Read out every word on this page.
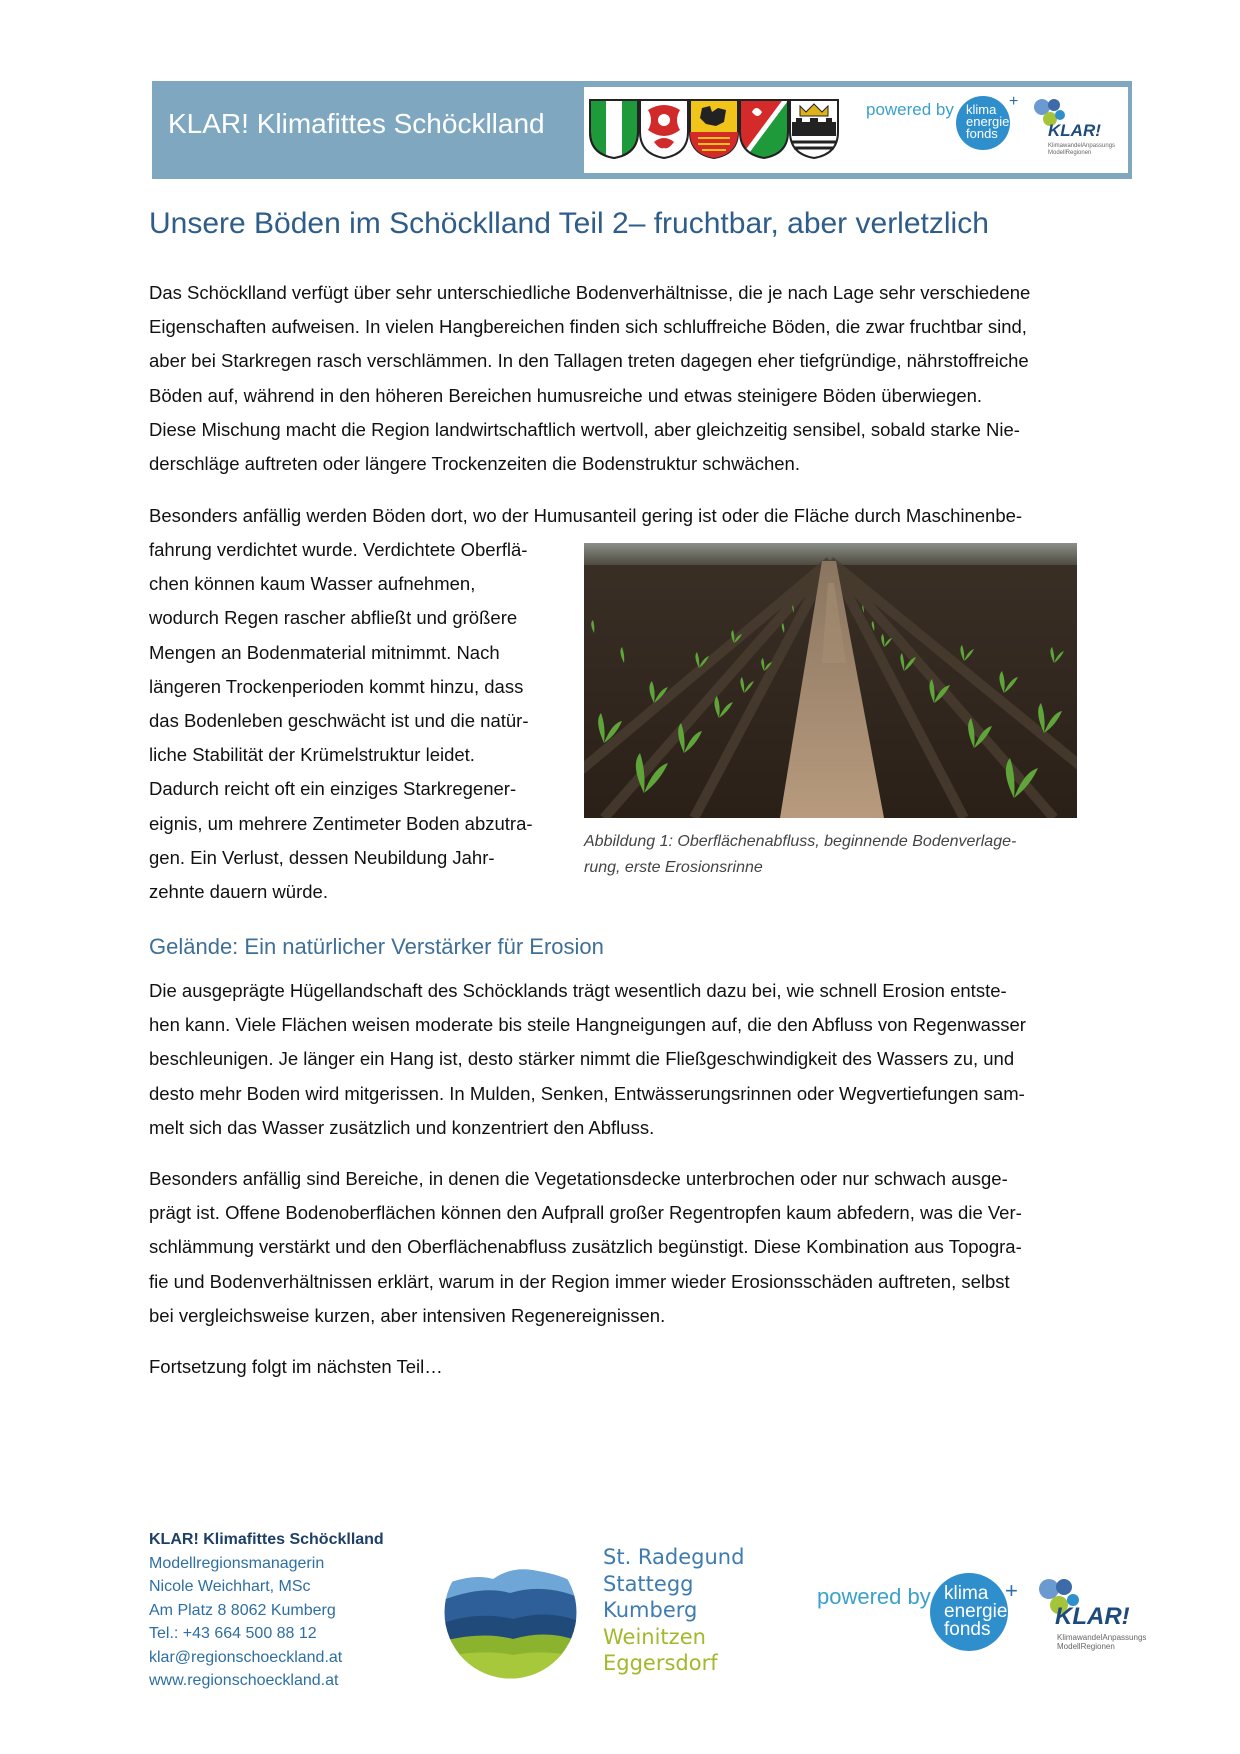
KLAR! Klimafittes Schöcklland	powered by klima
energie
fonds
+
KLAR!
KlimawandelAnpassungs ModellRegionen
Unsere Böden im Schöcklland Teil 2– fruchtbar, aber verletzlich
Das Schöcklland verfügt über sehr unterschiedliche Bodenverhältnisse, die je nach Lage sehr verschiedene
Eigenschaften aufweisen. In vielen Hangbereichen finden sich schluffreiche Böden, die zwar fruchtbar sind,
aber bei Starkregen rasch verschlämmen. In den Tallagen treten dagegen eher tiefgründige, nährstoffreiche
Böden auf, während in den höheren Bereichen humusreiche und etwas steinigere Böden überwiegen.
Diese Mischung macht die Region landwirtschaftlich wertvoll, aber gleichzeitig sensibel, sobald starke Nie-
derschläge auftreten oder längere Trockenzeiten die Bodenstruktur schwächen.
Besonders anfällig werden Böden dort, wo der Humusanteil gering ist oder die Fläche durch Maschinenbe-
fahrung verdichtet wurde. Verdichtete Oberflä-
chen können kaum Wasser aufnehmen,
wodurch Regen rascher abfließt und größere
Mengen an Bodenmaterial mitnimmt. Nach
längeren Trockenperioden kommt hinzu, dass
das Bodenleben geschwächt ist und die natür-
liche Stabilität der Krümelstruktur leidet.
Dadurch reicht oft ein einziges Starkregener-
eignis, um mehrere Zentimeter Boden abzutra-
gen. Ein Verlust, dessen Neubildung Jahr-
zehnte dauern würde.
Abbildung 1: Oberflächenabfluss, beginnende Bodenverlage-
rung, erste Erosionsrinne
Gelände: Ein natürlicher Verstärker für Erosion
Die ausgeprägte Hügellandschaft des Schöcklands trägt wesentlich dazu bei, wie schnell Erosion entste-
hen kann. Viele Flächen weisen moderate bis steile Hangneigungen auf, die den Abfluss von Regenwasser
beschleunigen. Je länger ein Hang ist, desto stärker nimmt die Fließgeschwindigkeit des Wassers zu, und
desto mehr Boden wird mitgerissen. In Mulden, Senken, Entwässerungsrinnen oder Wegvertiefungen sam-
melt sich das Wasser zusätzlich und konzentriert den Abfluss.
Besonders anfällig sind Bereiche, in denen die Vegetationsdecke unterbrochen oder nur schwach ausge-
prägt ist. Offene Bodenoberflächen können den Aufprall großer Regentropfen kaum abfedern, was die Ver-
schlämmung verstärkt und den Oberflächenabfluss zusätzlich begünstigt. Diese Kombination aus Topogra-
fie und Bodenverhältnissen erklärt, warum in der Region immer wieder Erosionsschäden auftreten, selbst
bei vergleichsweise kurzen, aber intensiven Regenereignissen.
Fortsetzung folgt im nächsten Teil…
KLAR! Klimafittes Schöcklland
Modellregionsmanagerin
Nicole Weichhart, MSc
Am Platz 8 8062 Kumberg
Tel.: +43 664 500 88 12
klar@regionschoeckland.at
www.regionschoeckland.at
St. Radegund
Stattegg
Kumberg
Weinitzen
Eggersdorf
powered by klima
energie
fonds
+
KLAR!
KlimawandelAnpassungs ModellRegionen
